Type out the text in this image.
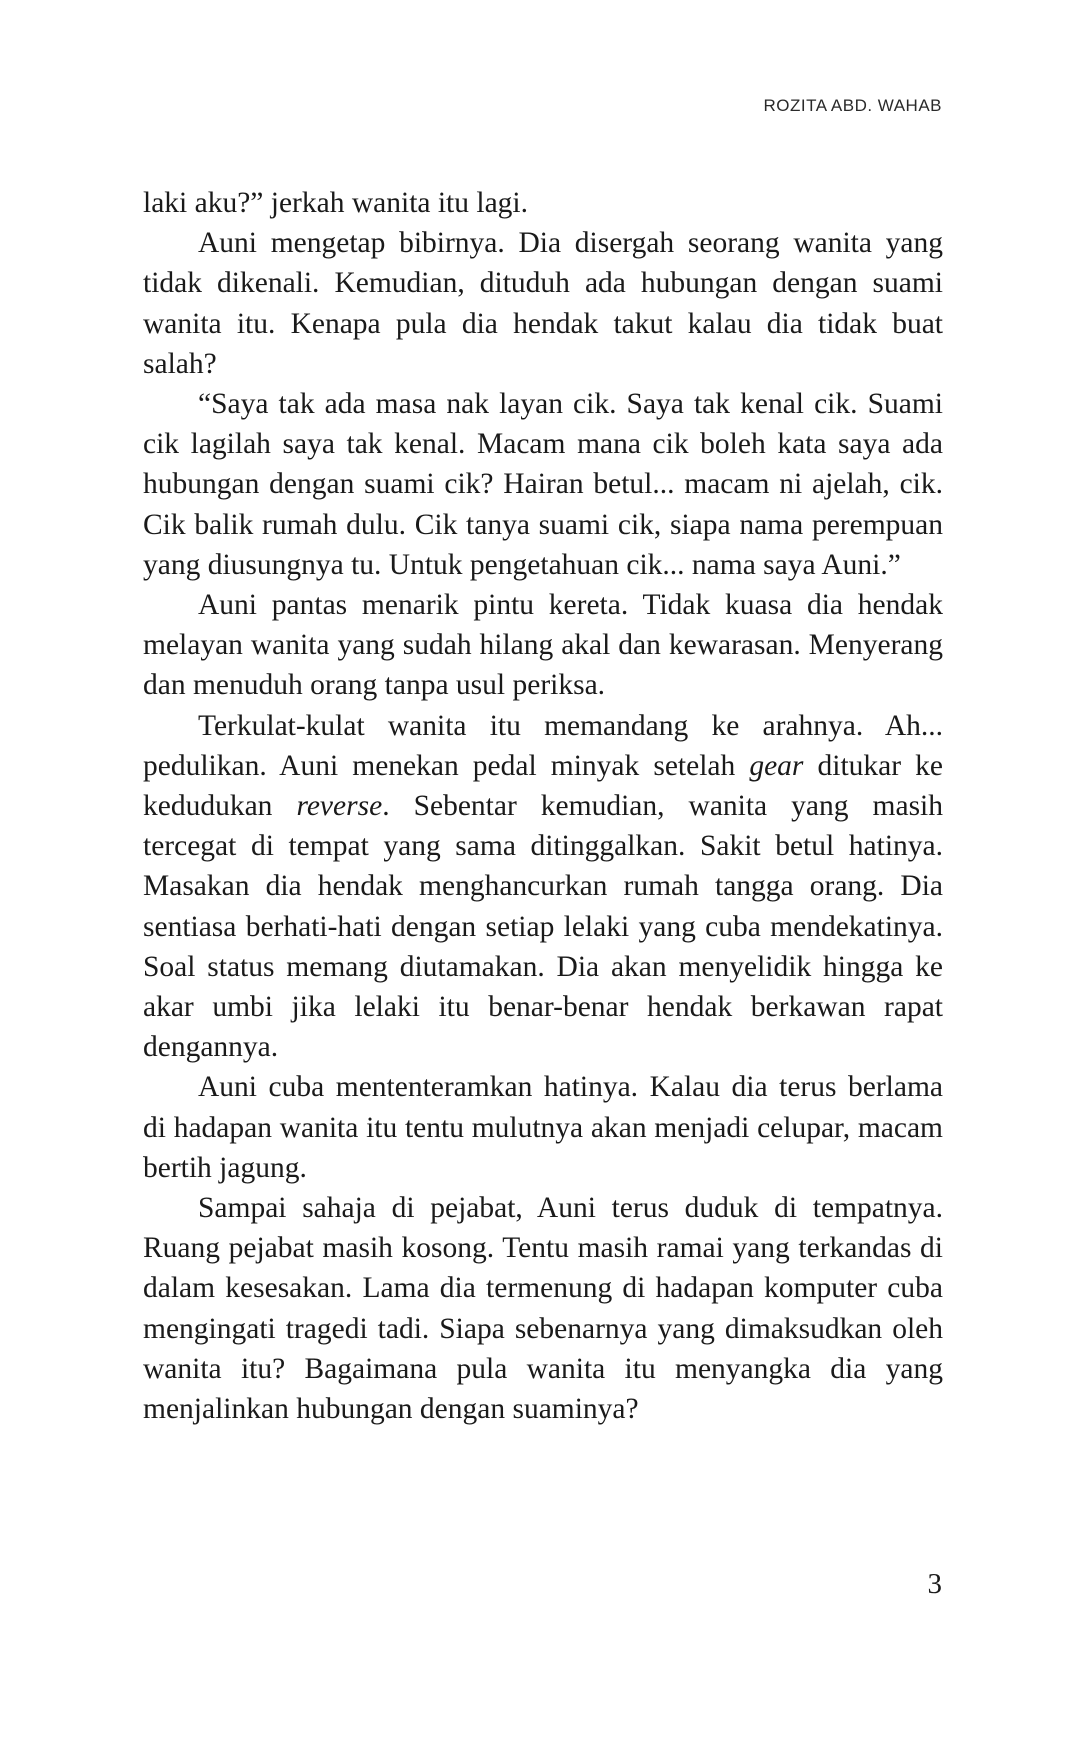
ROZITA ABD. WAHAB

laki aku?” jerkah wanita itu lagi.

Auni mengetap bibirnya. Dia disergah seorang wanita yang tidak dikenali. Kemudian, dituduh ada hubungan dengan suami wanita itu. Kenapa pula dia hendak takut kalau dia tidak buat salah?

“Saya tak ada masa nak layan cik. Saya tak kenal cik. Suami cik lagilah saya tak kenal. Macam mana cik boleh kata saya ada hubungan dengan suami cik? Hairan betul... macam ni ajelah, cik. Cik balik rumah dulu. Cik tanya suami cik, siapa nama perempuan yang diusungnya tu. Untuk pengetahuan cik... nama saya Auni.”

Auni pantas menarik pintu kereta. Tidak kuasa dia hendak melayan wanita yang sudah hilang akal dan kewarasan. Menyerang dan menuduh orang tanpa usul periksa.

Terkulat-kulat wanita itu memandang ke arahnya. Ah... pedulikan. Auni menekan pedal minyak setelah gear ditukar ke kedudukan reverse. Sebentar kemudian, wanita yang masih tercegat di tempat yang sama ditinggalkan. Sakit betul hatinya. Masakan dia hendak menghancurkan rumah tangga orang. Dia sentiasa berhati-hati dengan setiap lelaki yang cuba mendekatinya. Soal status memang diutamakan. Dia akan menyelidik hingga ke akar umbi jika lelaki itu benar-benar hendak berkawan rapat dengannya.

Auni cuba mententeramkan hatinya. Kalau dia terus berlama di hadapan wanita itu tentu mulutnya akan menjadi celupar, macam bertih jagung.

Sampai sahaja di pejabat, Auni terus duduk di tempatnya. Ruang pejabat masih kosong. Tentu masih ramai yang terkandas di dalam kesesakan. Lama dia termenung di hadapan komputer cuba mengingati tragedi tadi. Siapa sebenarnya yang dimaksudkan oleh wanita itu? Bagaimana pula wanita itu menyangka dia yang menjalinkan hubungan dengan suaminya?

3
